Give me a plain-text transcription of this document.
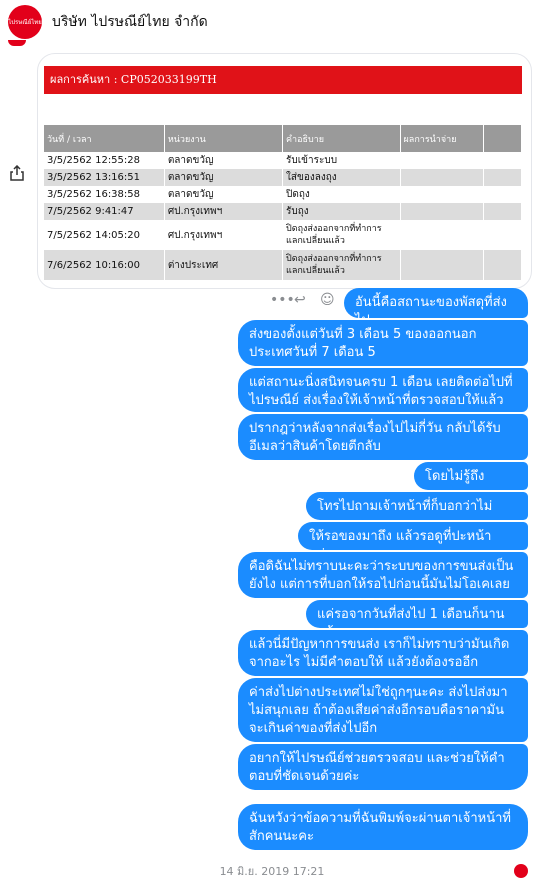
ไปรษณีย์ไทย บริษัท ไปรษณีย์ไทย จำกัด
ผลการค้นหา : CP052033199TH
วันที่ / เวลา	หน่วยงาน	คำอธิบาย	ผลการนำจ่าย	
3/5/2562 12:55:28	ตลาดขวัญ	รับเข้าระบบ		
3/5/2562 13:16:51	ตลาดขวัญ	ใส่ของลงถุง		
3/5/2562 16:38:58	ตลาดขวัญ	ปิดถุง		
7/5/2562 9:41:47	ศป.กรุงเทพฯ	รับถุง		
7/5/2562 14:05:20	ศป.กรุงเทพฯ	ปิดถุงส่งออกจากที่ทำการแลกเปลี่ยนแล้ว		
7/6/2562 10:16:00	ต่างประเทศ	ปิดถุงส่งออกจากที่ทำการแลกเปลี่ยนแล้ว		
••• ↩ ☺	อันนี้คือสถานะของพัสดุที่ส่ง
ส่งของตั้งแต่วันที่ 3 เดือน 5 ของออกนอกประเทศวันที่ 7 เดือน 5
แต่สถานะนิ่งสนิทจนครบ 1 เดือน เลยติดต่อไปที่ไปรษณีย์ ส่งเรื่องให้เจ้าหน้าที่ตรวจสอบให้แล้ว
ปรากฎว่าหลังจากส่งเรื่องไปไม่กี่วัน กลับได้รับอีเมลว่าสินค้าโดยตีกลับ
โดยไม่รู้ถึง
โทรไปถามเจ้าหน้าที่ก็บอกว่าไม่
ให้รอของมาถึง แล้วรอดูที่ปะหน้า
คือดิฉันไม่ทราบนะคะว่าระบบของการขนส่งเป็นยังไง แต่การที่บอกให้รอไปก่อนนี้มันไม่โอเคเลย
แค่รอจากวันที่ส่งไป 1 เดือนก็นาน
แล้วนี่มีปัญหาการขนส่ง เราก็ไม่ทราบว่ามันเกิดจากอะไร ไม่มีคำตอบให้ แล้วยังต้องรออีก
ค่าส่งไปต่างประเทศไม่ใช่ถูกๆนะคะ ส่งไปส่งมาไม่สนุกเลย ถ้าต้องเสียค่าส่งอีกรอบคือราคามันจะเกินค่าของที่ส่งไปอีก
อยากให้ไปรษณีย์ช่วยตรวจสอบ และช่วยให้คำตอบที่ชัดเจนด้วยค่ะ
ฉันหวังว่าข้อความที่ฉันพิมพ์จะผ่านตาเจ้าหน้าที่สักคนนะคะ
14 มิ.ย. 2019 17:21
